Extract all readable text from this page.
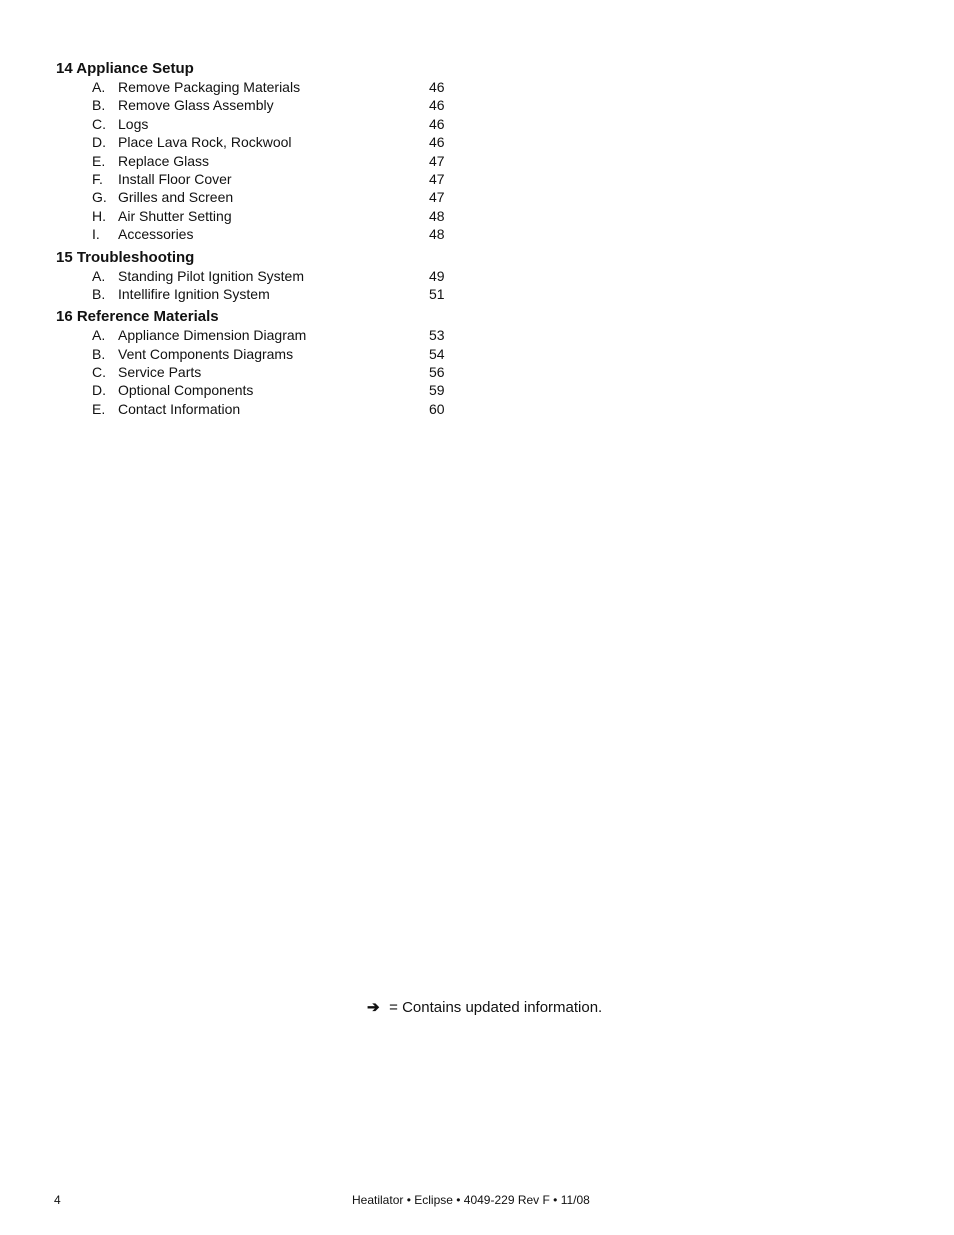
14 Appliance Setup
A. Remove Packaging Materials	46
B. Remove Glass Assembly	46
C. Logs	46
D. Place Lava Rock, Rockwool	46
E. Replace Glass	47
F. Install Floor Cover	47
G. Grilles and Screen	47
H. Air Shutter Setting	48
I. Accessories	48
15 Troubleshooting
A. Standing Pilot Ignition System	49
B. Intellifire Ignition System	51
16 Reference Materials
A. Appliance Dimension Diagram	53
B. Vent Components Diagrams	54
C. Service Parts	56
D. Optional Components	59
E. Contact Information	60
➔ = Contains updated information.
4	Heatilator • Eclipse • 4049-229 Rev F • 11/08
